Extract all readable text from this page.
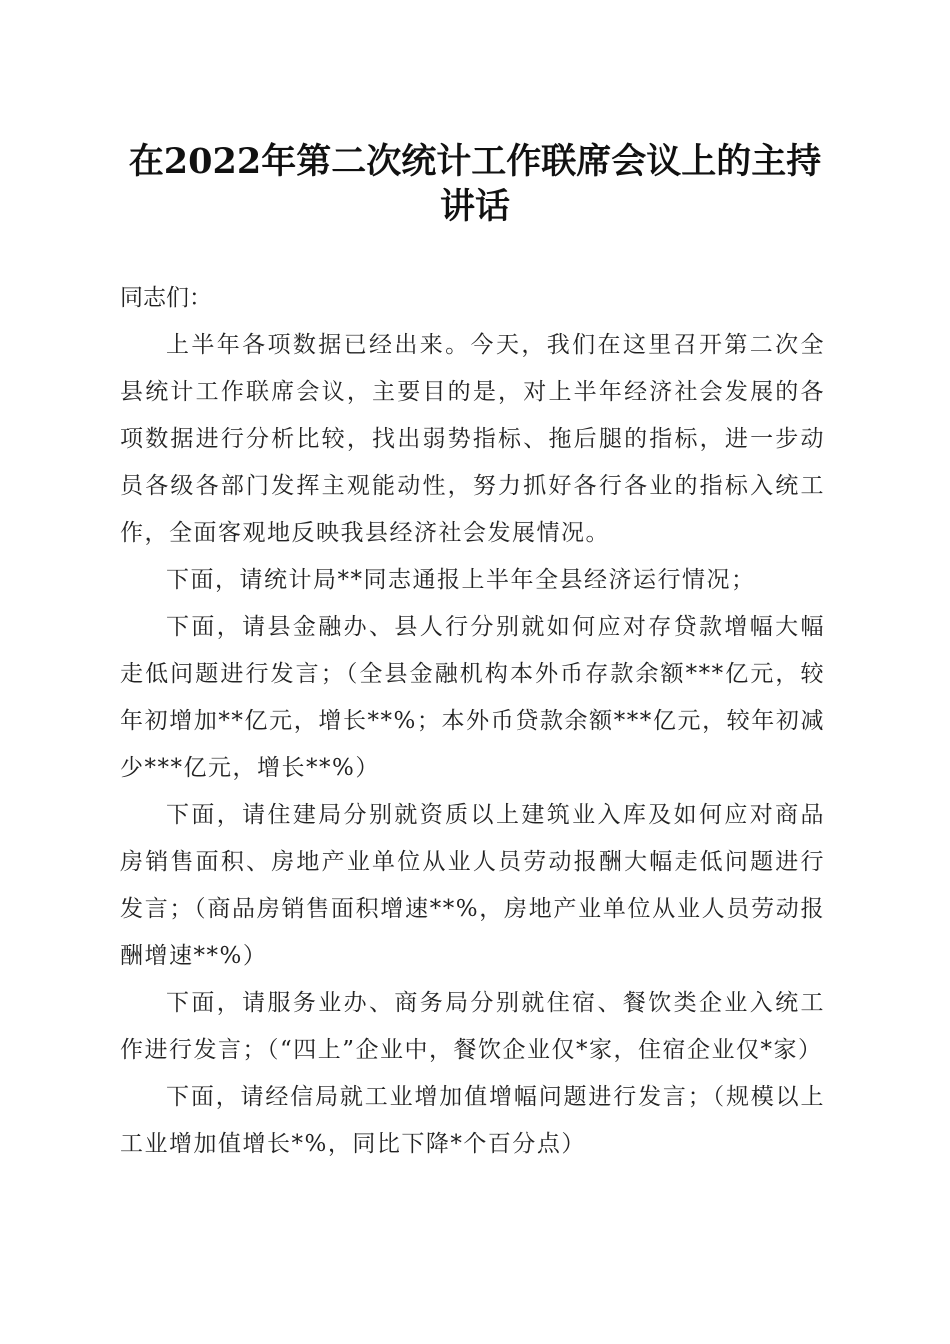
在2022年第二次统计工作联席会议上的主持讲话

同志们：

上半年各项数据已经出来。今天，我们在这里召开第二次全县统计工作联席会议，主要目的是，对上半年经济社会发展的各项数据进行分析比较，找出弱势指标、拖后腿的指标，进一步动员各级各部门发挥主观能动性，努力抓好各行各业的指标入统工作，全面客观地反映我县经济社会发展情况。

下面，请统计局**同志通报上半年全县经济运行情况；

下面，请县金融办、县人行分别就如何应对存贷款增幅大幅走低问题进行发言；（全县金融机构本外币存款余额***亿元，较年初增加**亿元，增长**%；本外币贷款余额***亿元，较年初减少***亿元，增长**%）

下面，请住建局分别就资质以上建筑业入库及如何应对商品房销售面积、房地产业单位从业人员劳动报酬大幅走低问题进行发言；（商品房销售面积增速**%，房地产业单位从业人员劳动报酬增速**%）

下面，请服务业办、商务局分别就住宿、餐饮类企业入统工作进行发言；（“四上”企业中，餐饮企业仅*家，住宿企业仅*家）

下面，请经信局就工业增加值增幅问题进行发言；（规模以上工业增加值增长*%，同比下降*个百分点）
